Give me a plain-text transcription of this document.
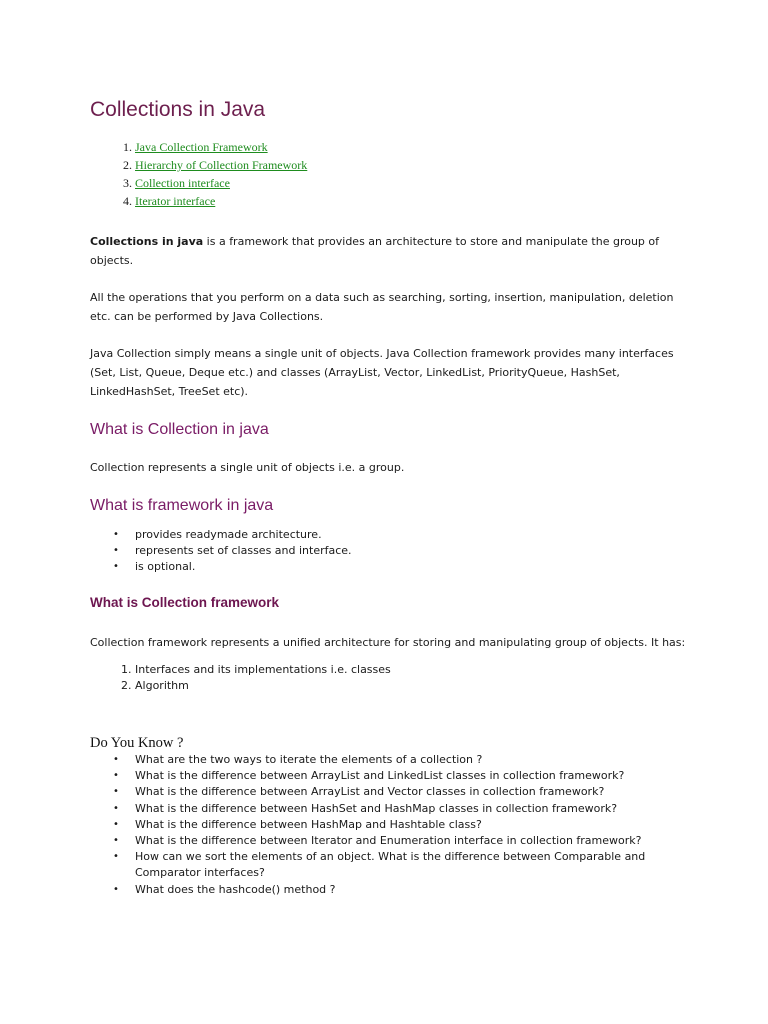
Collections in Java
1. Java Collection Framework
2. Hierarchy of Collection Framework
3. Collection interface
4. Iterator interface

Collections in java is a framework that provides an architecture to store and manipulate the group of objects.

All the operations that you perform on a data such as searching, sorting, insertion, manipulation, deletion etc. can be performed by Java Collections.

Java Collection simply means a single unit of objects. Java Collection framework provides many interfaces (Set, List, Queue, Deque etc.) and classes (ArrayList, Vector, LinkedList, PriorityQueue, HashSet, LinkedHashSet, TreeSet etc).

What is Collection in java

Collection represents a single unit of objects i.e. a group.

What is framework in java
• provides readymade architecture.
• represents set of classes and interface.
• is optional.
What is Collection framework

Collection framework represents a unified architecture for storing and manipulating group of objects. It has:

1. Interfaces and its implementations i.e. classes
2. Algorithm
Do You Know ?
• What are the two ways to iterate the elements of a collection ?
• What is the difference between ArrayList and LinkedList classes in collection framework?
• What is the difference between ArrayList and Vector classes in collection framework?
• What is the difference between HashSet and HashMap classes in collection framework?
• What is the difference between HashMap and Hashtable class?
• What is the difference between Iterator and Enumeration interface in collection framework?
• How can we sort the elements of an object. What is the difference between Comparable and Comparator interfaces?
• What does the hashcode() method ?
